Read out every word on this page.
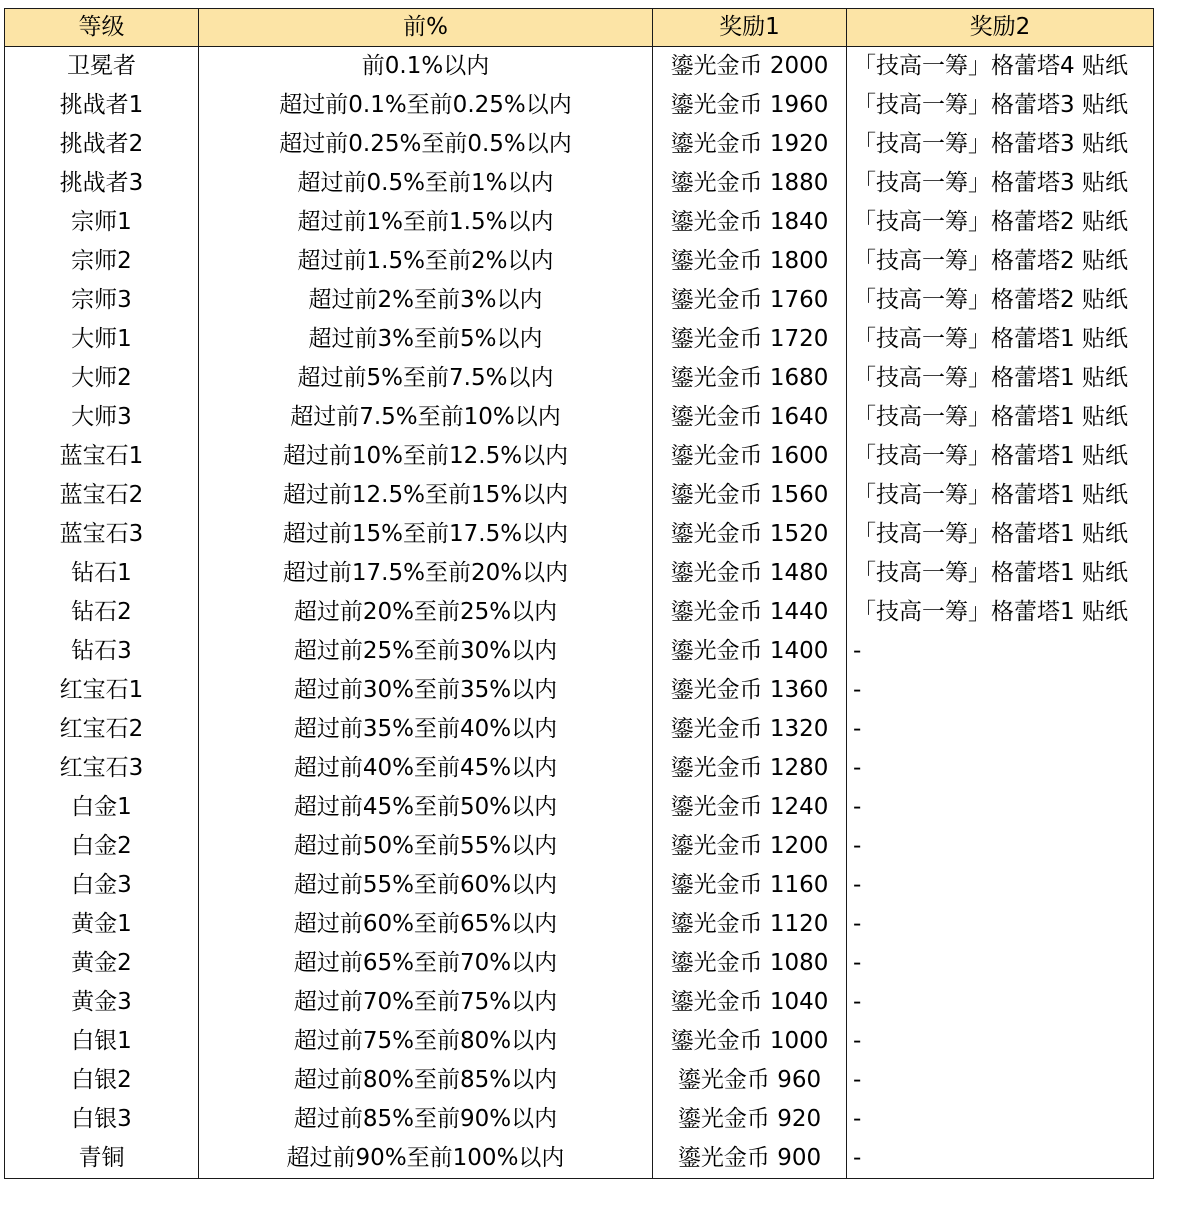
等级	前%	奖励1	奖励2
卫冕者	前0.1%以内	鎏光金币 2000	「技高一筹」格蕾塔4 贴纸
挑战者1	超过前0.1%至前0.25%以内	鎏光金币 1960	「技高一筹」格蕾塔3 贴纸
挑战者2	超过前0.25%至前0.5%以内	鎏光金币 1920	「技高一筹」格蕾塔3 贴纸
挑战者3	超过前0.5%至前1%以内	鎏光金币 1880	「技高一筹」格蕾塔3 贴纸
宗师1	超过前1%至前1.5%以内	鎏光金币 1840	「技高一筹」格蕾塔2 贴纸
宗师2	超过前1.5%至前2%以内	鎏光金币 1800	「技高一筹」格蕾塔2 贴纸
宗师3	超过前2%至前3%以内	鎏光金币 1760	「技高一筹」格蕾塔2 贴纸
大师1	超过前3%至前5%以内	鎏光金币 1720	「技高一筹」格蕾塔1 贴纸
大师2	超过前5%至前7.5%以内	鎏光金币 1680	「技高一筹」格蕾塔1 贴纸
大师3	超过前7.5%至前10%以内	鎏光金币 1640	「技高一筹」格蕾塔1 贴纸
蓝宝石1	超过前10%至前12.5%以内	鎏光金币 1600	「技高一筹」格蕾塔1 贴纸
蓝宝石2	超过前12.5%至前15%以内	鎏光金币 1560	「技高一筹」格蕾塔1 贴纸
蓝宝石3	超过前15%至前17.5%以内	鎏光金币 1520	「技高一筹」格蕾塔1 贴纸
钻石1	超过前17.5%至前20%以内	鎏光金币 1480	「技高一筹」格蕾塔1 贴纸
钻石2	超过前20%至前25%以内	鎏光金币 1440	「技高一筹」格蕾塔1 贴纸
钻石3	超过前25%至前30%以内	鎏光金币 1400	-
红宝石1	超过前30%至前35%以内	鎏光金币 1360	-
红宝石2	超过前35%至前40%以内	鎏光金币 1320	-
红宝石3	超过前40%至前45%以内	鎏光金币 1280	-
白金1	超过前45%至前50%以内	鎏光金币 1240	-
白金2	超过前50%至前55%以内	鎏光金币 1200	-
白金3	超过前55%至前60%以内	鎏光金币 1160	-
黄金1	超过前60%至前65%以内	鎏光金币 1120	-
黄金2	超过前65%至前70%以内	鎏光金币 1080	-
黄金3	超过前70%至前75%以内	鎏光金币 1040	-
白银1	超过前75%至前80%以内	鎏光金币 1000	-
白银2	超过前80%至前85%以内	鎏光金币 960	-
白银3	超过前85%至前90%以内	鎏光金币 920	-
青铜	超过前90%至前100%以内	鎏光金币 900	-
